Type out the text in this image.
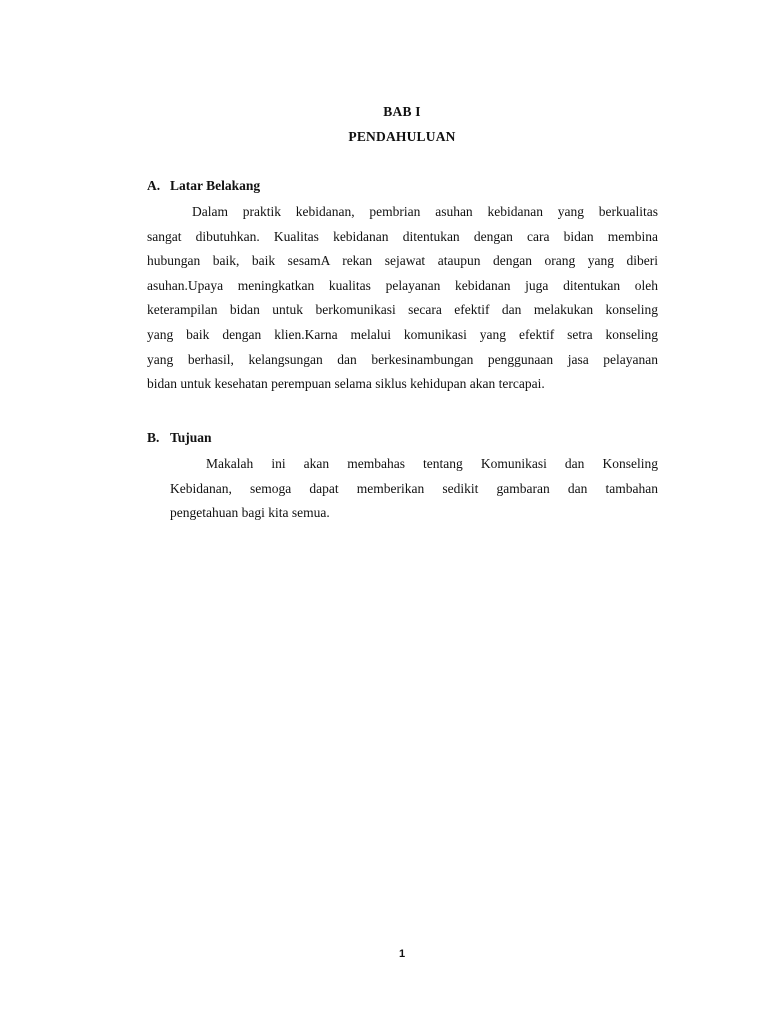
BAB I
PENDAHULUAN
A. Latar Belakang
Dalam praktik kebidanan, pembrian asuhan kebidanan yang berkualitas
sangat dibutuhkan. Kualitas kebidanan ditentukan dengan cara bidan membina
hubungan baik, baik sesamA rekan sejawat ataupun dengan orang yang diberi
asuhan.Upaya meningkatkan kualitas pelayanan kebidanan juga ditentukan oleh
keterampilan bidan untuk berkomunikasi secara efektif dan melakukan konseling
yang baik dengan klien.Karna melalui komunikasi yang efektif setra konseling
yang berhasil, kelangsungan dan berkesinambungan penggunaan jasa pelayanan
bidan untuk kesehatan perempuan selama siklus kehidupan akan tercapai.
B. Tujuan
Makalah ini akan membahas tentang Komunikasi dan Konseling
Kebidanan, semoga dapat memberikan sedikit gambaran dan tambahan
pengetahuan bagi kita semua.
1
